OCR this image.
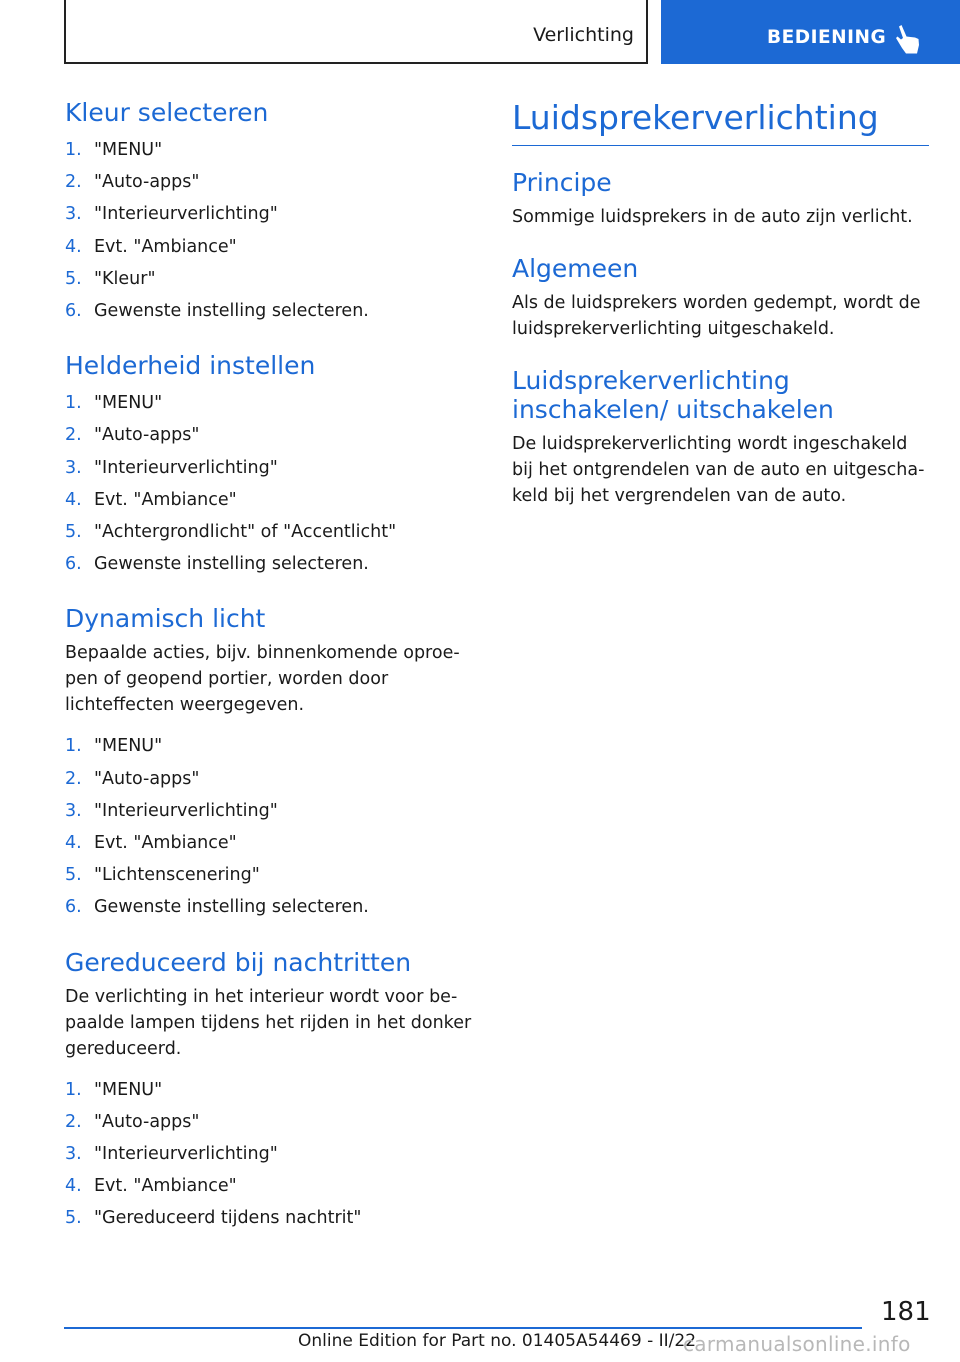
Verlichting	BEDIENING
Kleur selecteren
1. "MENU"
2. "Auto-apps"
3. "Interieurverlichting"
4. Evt. "Ambiance"
5. "Kleur"
6. Gewenste instelling selecteren.
Helderheid instellen
1. "MENU"
2. "Auto-apps"
3. "Interieurverlichting"
4. Evt. "Ambiance"
5. "Achtergrondlicht" of "Accentlicht"
6. Gewenste instelling selecteren.
Dynamisch licht

Bepaalde acties, bijv. binnenkomende oproepen of geopend portier, worden door lichteffecten weergegeven.

1. "MENU"
2. "Auto-apps"
3. "Interieurverlichting"
4. Evt. "Ambiance"
5. "Lichtenscenering"
6. Gewenste instelling selecteren.
Gereduceerd bij nachtritten

De verlichting in het interieur wordt voor bepaalde lampen tijdens het rijden in het donker gereduceerd.

1. "MENU"
2. "Auto-apps"
3. "Interieurverlichting"
4. Evt. "Ambiance"
5. "Gereduceerd tijdens nachtrit"
Luidsprekerverlichting
Principe

Sommige luidsprekers in de auto zijn verlicht.

Algemeen

Als de luidsprekers worden gedempt, wordt de luidsprekerverlichting uitgeschakeld.

Luidsprekerverlichting inschakelen/ uitschakelen

De luidsprekerverlichting wordt ingeschakeld bij het ontgrendelen van de auto en uitgeschakeld bij het vergrendelen van de auto.

181
Online Edition for Part no. 01405A54469 - II/22
carmanualsonline.info
